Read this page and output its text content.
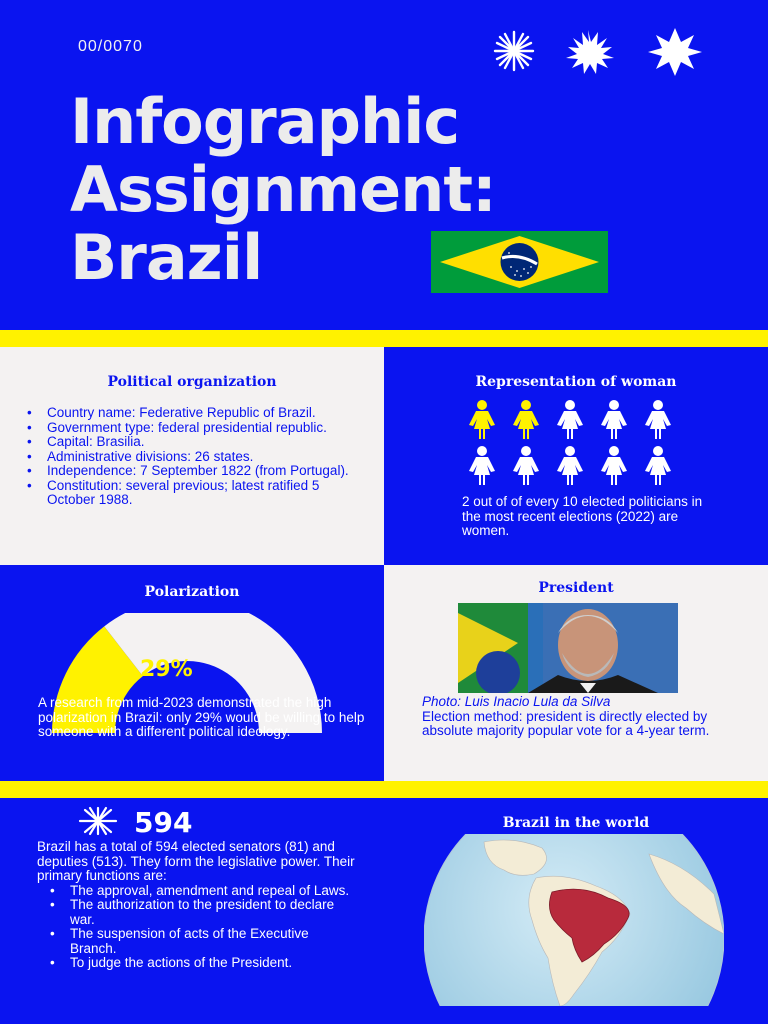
00/0070
Infographic
Assignment:
Brazil
Political organization
• Country name: Federative Republic of Brazil.
• Government type: federal presidential republic.
• Capital: Brasilia.
• Administrative divisions: 26 states.
• Independence: 7 September 1822 (from Portugal).
• Constitution: several previous; latest ratified 5 October 1988.
Representation of woman
2 out of of every 10 elected politicians in the most recent elections (2022) are women.
Polarization
29%
A research from mid-2023 demonstrated the high polarization in Brazil: only 29% would be willing to help someone with a different political ideology.
President
Photo: Luis Inacio Lula da Silva
Election method: president is directly elected by absolute majority popular vote for a 4-year term.
594
Brazil has a total of 594 elected senators (81) and deputies (513). They form the legislative power. Their primary functions are:
• The approval, amendment and repeal of Laws.
• The authorization to the president to declare war.
• The suspension of acts of the Executive Branch.
• To judge the actions of the President.
Brazil in the world
